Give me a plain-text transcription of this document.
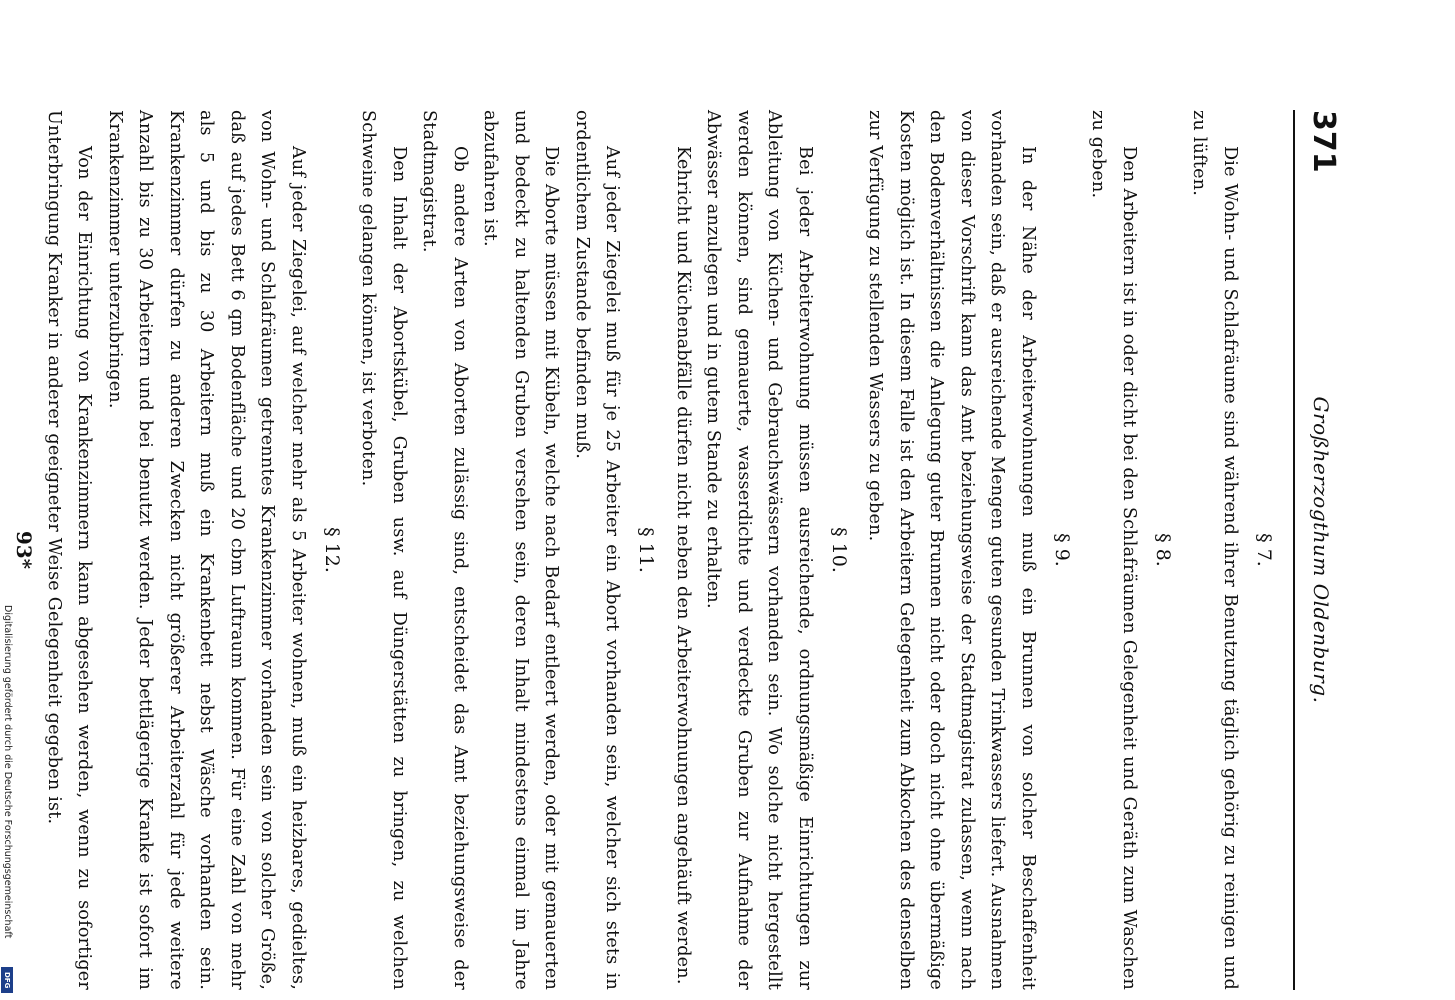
Digitalisierung gefördert durch die Deutsche Forschungsgemeinschaft
DFG
371
Großherzogthum Oldenburg.
§ 7.

Die Wohn- und Schlafräume sind während ihrer Benutzung täglich gehörig zu reinigen und zu lüften.

§ 8.

Den Arbeitern ist in oder dicht bei den Schlafräumen Gelegenheit und Geräth zum Waschen zu geben.

§ 9.

In der Nähe der Arbeiterwohnungen muß ein Brunnen von solcher Beschaffenheit vorhanden sein, daß er ausreichende Mengen guten gesunden Trinkwassers liefert. Ausnahmen von dieser Vorschrift kann das Amt beziehungsweise der Stadtmagistrat zulassen, wenn nach den Bodenverhältnissen die Anlegung guter Brunnen nicht oder doch nicht ohne übermäßige Kosten möglich ist. In diesem Falle ist den Arbeitern Gelegenheit zum Abkochen des denselben zur Verfügung zu stellenden Wassers zu geben.

§ 10.

Bei jeder Arbeiterwohnung müssen ausreichende, ordnungsmäßige Einrichtungen zur Ableitung von Küchen- und Gebrauchswässern vorhanden sein. Wo solche nicht hergestellt werden können, sind gemauerte, wasserdichte und verdeckte Gruben zur Aufnahme der Abwässer anzulegen und in gutem Stande zu erhalten.

Kehricht und Küchenabfälle dürfen nicht neben den Arbeiterwohnungen angehäuft werden.

§ 11.

Auf jeder Ziegelei muß für je 25 Arbeiter ein Abort vorhanden sein, welcher sich stets in ordentlichem Zustande befinden muß.

Die Aborte müssen mit Kübeln, welche nach Bedarf entleert werden, oder mit gemauerten und bedeckt zu haltenden Gruben versehen sein, deren Inhalt mindestens einmal im Jahre abzufahren ist.

Ob andere Arten von Aborten zulässig sind, entscheidet das Amt beziehungsweise der Stadtmagistrat.

Den Inhalt der Abortskübel, Gruben usw. auf Düngerstätten zu bringen, zu welchen Schweine gelangen können, ist verboten.

§ 12.

Auf jeder Ziegelei, auf welcher mehr als 5 Arbeiter wohnen, muß ein heizbares, gedieltes, von Wohn- und Schlafräumen getrenntes Krankenzimmer vorhanden sein von solcher Größe, daß auf jedes Bett 6 qm Bodenfläche und 20 cbm Luftraum kommen. Für eine Zahl von mehr als 5 und bis zu 30 Arbeitern muß ein Krankenbett nebst Wäsche vorhanden sein. Krankenzimmer dürfen zu anderen Zwecken nicht größerer Arbeiterzahl für jede weitere Anzahl bis zu 30 Arbeitern und bei benutzt werden. Jeder bettlägerige Kranke ist sofort im Krankenzimmer unterzubringen.

Von der Einrichtung von Krankenzimmern kann abgesehen werden, wenn zu sofortiger Unterbringung Kranker in anderer geeigneter Weise Gelegenheit gegeben ist.

93*
